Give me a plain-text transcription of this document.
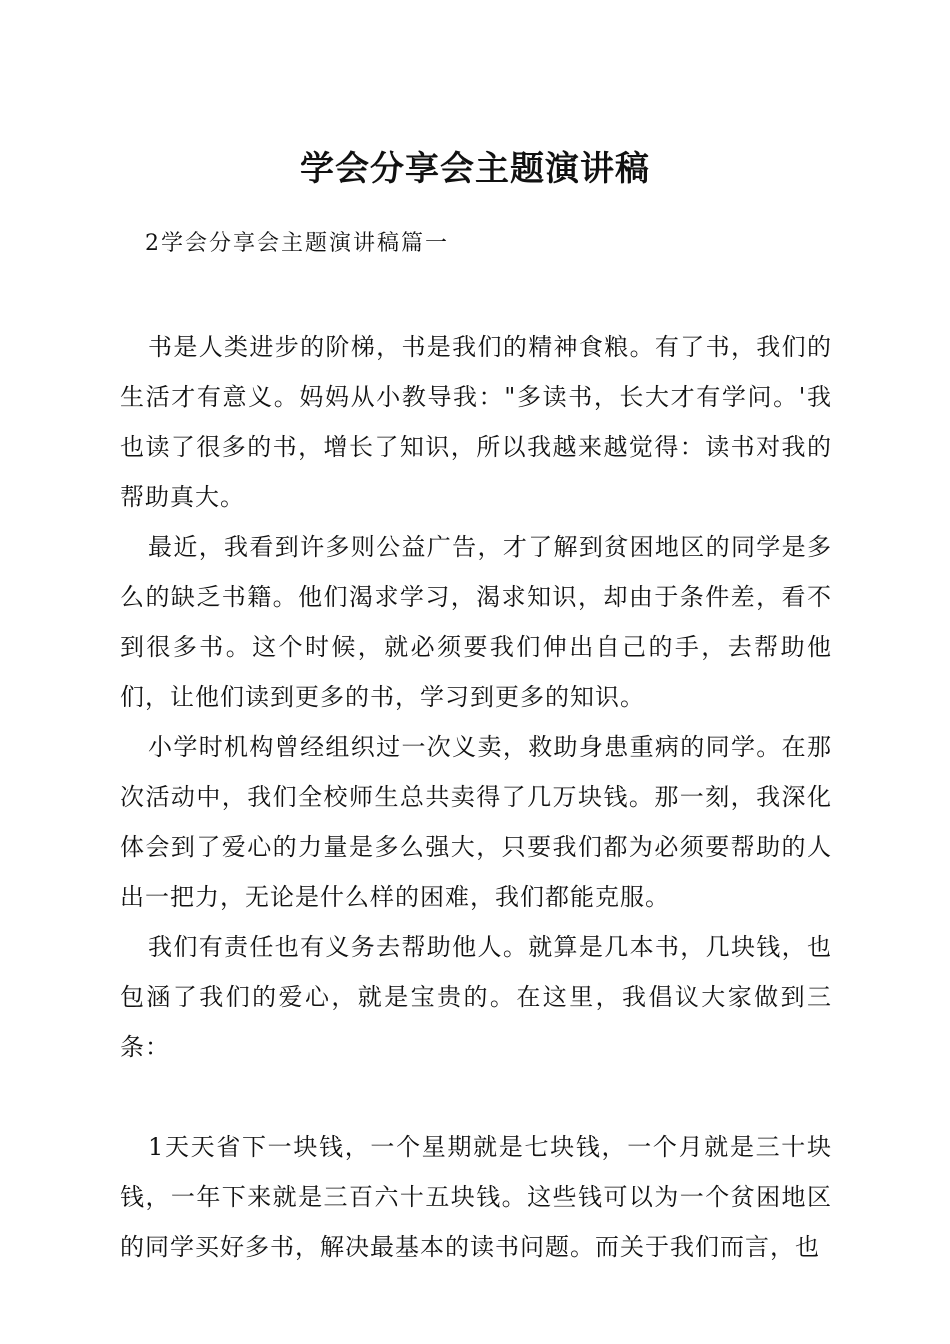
学会分享会主题演讲稿
2学会分享会主题演讲稿篇一

书是人类进步的阶梯，书是我们的精神食粮。有了书，我们的生活才有意义。妈妈从小教导我："多读书，长大才有学问。'我也读了很多的书，增长了知识，所以我越来越觉得：读书对我的帮助真大。

最近，我看到许多则公益广告，才了解到贫困地区的同学是多么的缺乏书籍。他们渴求学习，渴求知识，却由于条件差，看不到很多书。这个时候，就必须要我们伸出自己的手，去帮助他们，让他们读到更多的书，学习到更多的知识。

小学时机构曾经组织过一次义卖，救助身患重病的同学。在那次活动中，我们全校师生总共卖得了几万块钱。那一刻，我深化体会到了爱心的力量是多么强大，只要我们都为必须要帮助的人出一把力，无论是什么样的困难，我们都能克服。

我们有责任也有义务去帮助他人。就算是几本书，几块钱，也包涵了我们的爱心，就是宝贵的。在这里，我倡议大家做到三条：

1天天省下一块钱，一个星期就是七块钱，一个月就是三十块钱，一年下来就是三百六十五块钱。这些钱可以为一个贫困地区的同学买好多书，解决最基本的读书问题。而关于我们而言，也
